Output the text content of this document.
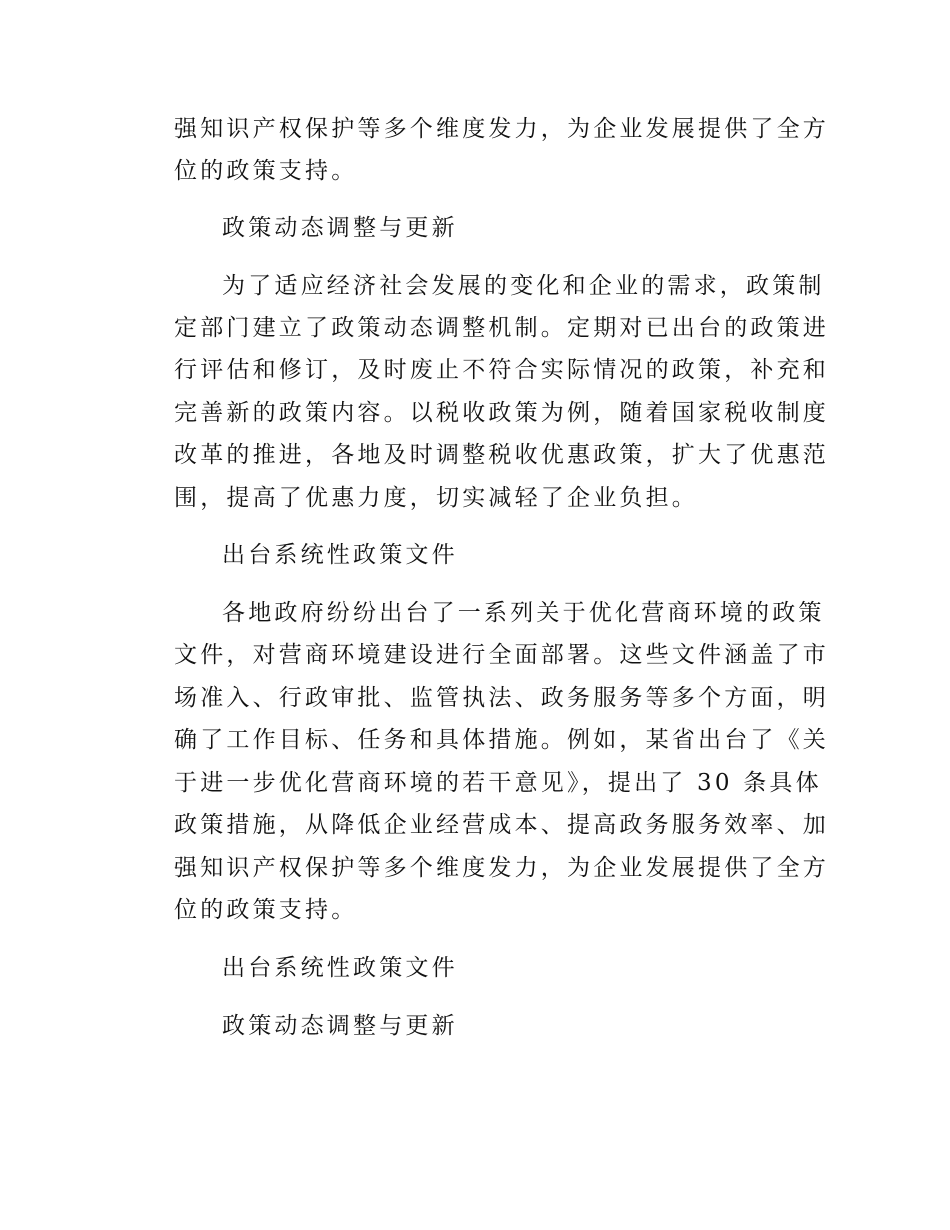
强知识产权保护等多个维度发力，为企业发展提供了全方
位的政策支持。
政策动态调整与更新
为了适应经济社会发展的变化和企业的需求，政策制
定部门建立了政策动态调整机制。定期对已出台的政策进
行评估和修订，及时废止不符合实际情况的政策，补充和
完善新的政策内容。以税收政策为例，随着国家税收制度
改革的推进，各地及时调整税收优惠政策，扩大了优惠范
围，提高了优惠力度，切实减轻了企业负担。
出台系统性政策文件
各地政府纷纷出台了一系列关于优化营商环境的政策
文件，对营商环境建设进行全面部署。这些文件涵盖了市
场准入、行政审批、监管执法、政务服务等多个方面，明
确了工作目标、任务和具体措施。例如，某省出台了《关
于进一步优化营商环境的若干意见》，提出了 30 条具体
政策措施，从降低企业经营成本、提高政务服务效率、加
强知识产权保护等多个维度发力，为企业发展提供了全方
位的政策支持。
出台系统性政策文件
政策动态调整与更新
